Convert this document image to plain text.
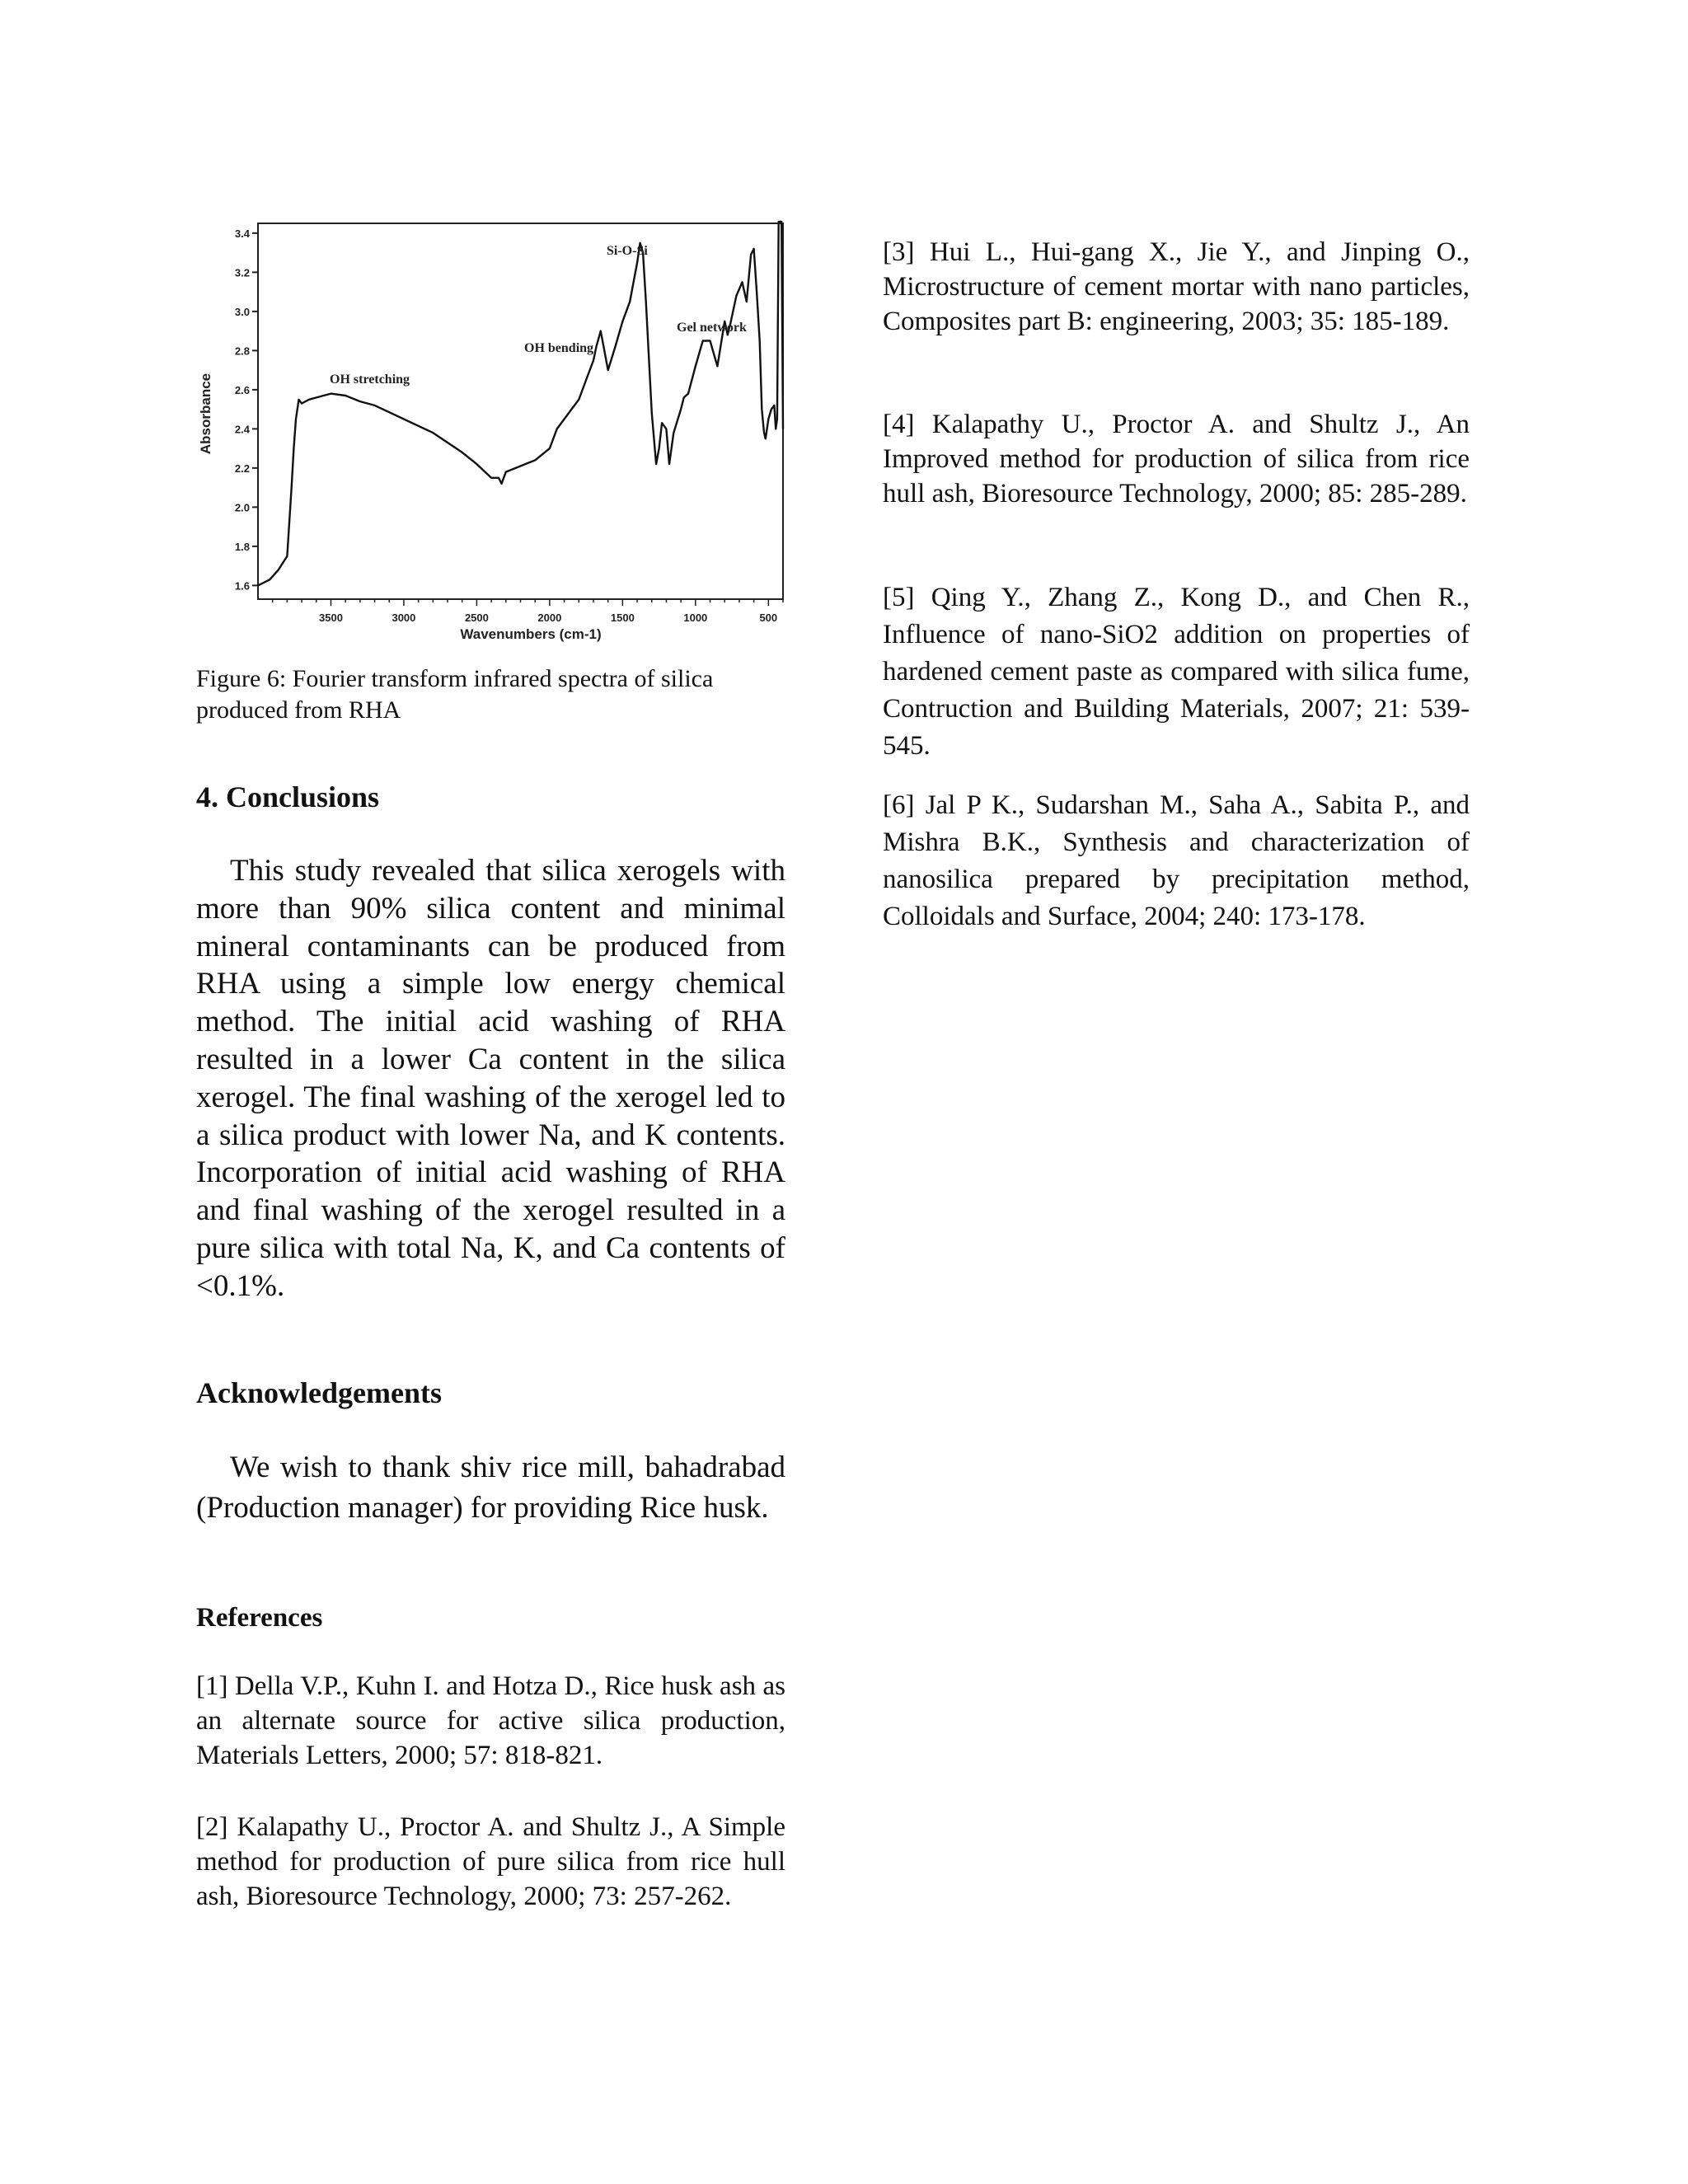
1.6
1.8
2.0
2.2
2.4
2.6
2.8
3.0
3.2
3.4
3500	3000	2500	2000	1500	1000	500
Absorbance
Wavenumbers (cm-1)
OH stretching
OH bending
Si-O-Si
Gel network

Figure 6: Fourier transform infrared spectra of silica produced from RHA

4. Conclusions

This study revealed that silica xerogels with more than 90% silica content and minimal mineral contaminants can be produced from RHA using a simple low energy chemical method. The initial acid washing of RHA resulted in a lower Ca content in the silica xerogel. The final washing of the xerogel led to a silica product with lower Na, and K contents. Incorporation of initial acid washing of RHA and final washing of the xerogel resulted in a pure silica with total Na, K, and Ca contents of <0.1%.

Acknowledgements

We wish to thank shiv rice mill, bahadrabad (Production manager) for providing Rice husk.

References

[1] Della V.P., Kuhn I. and Hotza D., Rice husk ash as an alternate source for active silica production, Materials Letters, 2000; 57: 818-821.

[2] Kalapathy U., Proctor A. and Shultz J., A Simple method for production of pure silica from rice hull ash, Bioresource Technology, 2000; 73: 257-262.

[3] Hui L., Hui-gang X., Jie Y., and Jinping O., Microstructure of cement mortar with nano particles, Composites part B: engineering, 2003; 35: 185-189.

[4] Kalapathy U., Proctor A. and Shultz J., An Improved method for production of silica from rice hull ash, Bioresource Technology, 2000; 85: 285-289.

[5] Qing Y., Zhang Z., Kong D., and Chen R., Influence of nano-SiO2 addition on properties of hardened cement paste as compared with silica fume, Contruction and Building Materials, 2007; 21: 539-545.

[6] Jal P K., Sudarshan M., Saha A., Sabita P., and Mishra B.K., Synthesis and characterization of nanosilica prepared by precipitation method, Colloidals and Surface, 2004; 240: 173-178.
